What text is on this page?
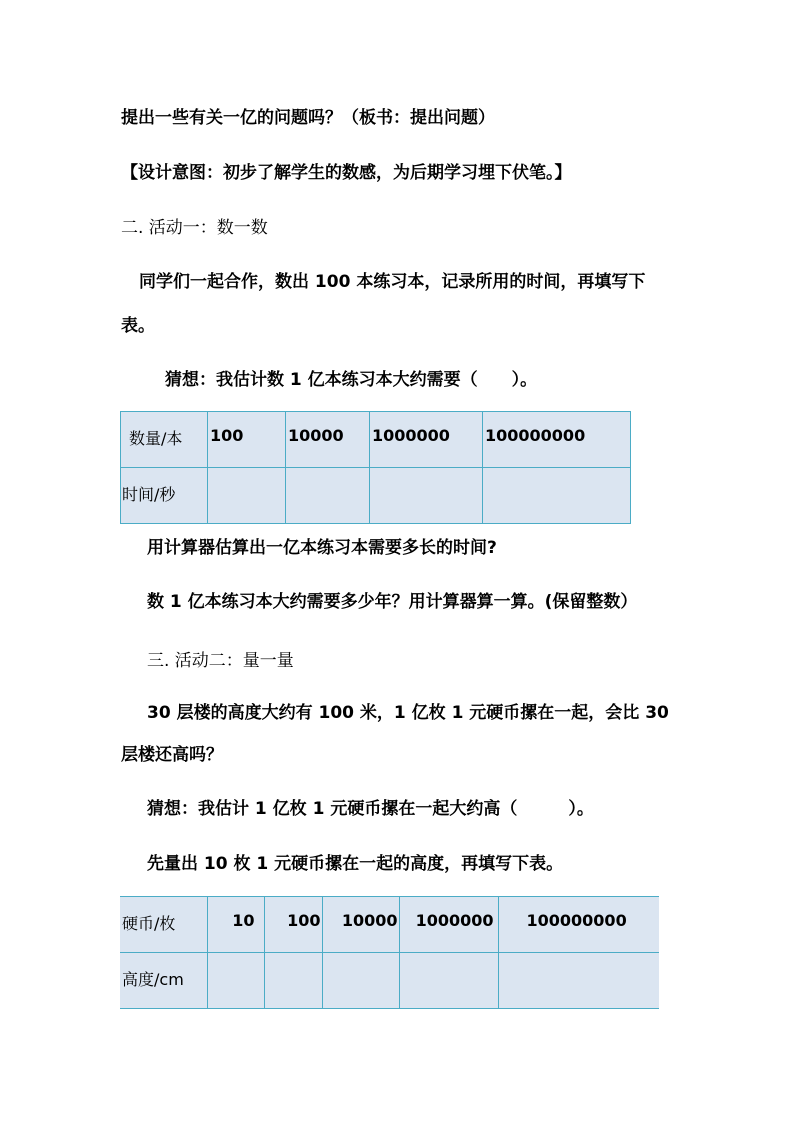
提出一些有关一亿的问题吗？（板书：提出问题）
【设计意图：初步了解学生的数感，为后期学习埋下伏笔。】
二. 活动一：数一数
同学们一起合作，数出 100 本练习本，记录所用的时间，再填写下
表。
猜想：我估计数 1 亿本练习本大约需要（　　）。
数量/本	100	10000	1000000	100000000
时间/秒				
用计算器估算出一亿本练习本需要多长的时间?
数 1 亿本练习本大约需要多少年？用计算器算一算。(保留整数）
三. 活动二：量一量
30 层楼的高度大约有 100 米，1 亿枚 1 元硬币摞在一起，会比 30
层楼还高吗？
猜想：我估计 1 亿枚 1 元硬币摞在一起大约高（　　　）。
先量出 10 枚 1 元硬币摞在一起的高度，再填写下表。
硬币/枚	10	100	10000	1000000	100000000
高度/cm					
